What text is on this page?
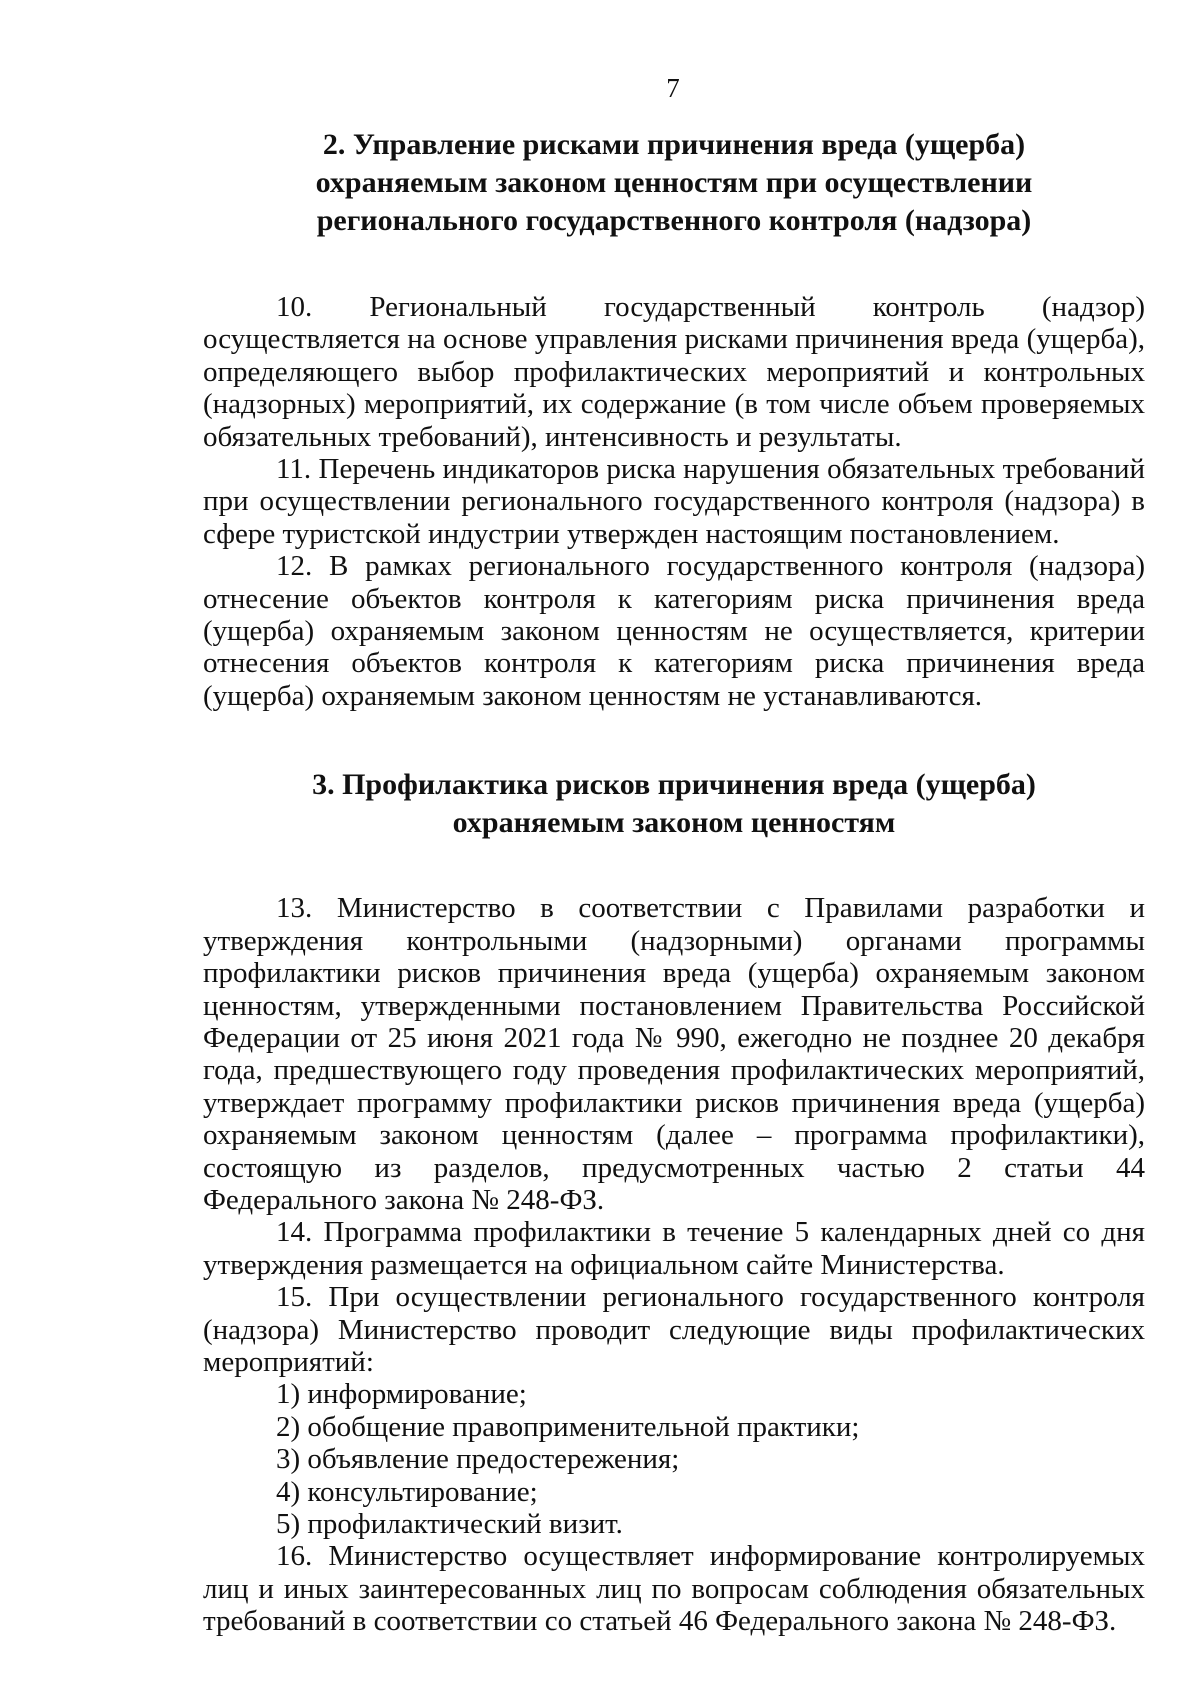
7
2. Управление рисками причинения вреда (ущерба) охраняемым законом ценностям при осуществлении регионального государственного контроля (надзора)

10. Региональный государственный контроль (надзор) осуществляется на основе управления рисками причинения вреда (ущерба), определяющего выбор профилактических мероприятий и контрольных (надзорных) мероприятий, их содержание (в том числе объем проверяемых обязательных требований), интенсивность и результаты.

11. Перечень индикаторов риска нарушения обязательных требований при осуществлении регионального государственного контроля (надзора) в сфере туристской индустрии утвержден настоящим постановлением.

12. В рамках регионального государственного контроля (надзора) отнесение объектов контроля к категориям риска причинения вреда (ущерба) охраняемым законом ценностям не осуществляется, критерии отнесения объектов контроля к категориям риска причинения вреда (ущерба) охраняемым законом ценностям не устанавливаются.

3. Профилактика рисков причинения вреда (ущерба) охраняемым законом ценностям

13. Министерство в соответствии с Правилами разработки и утверждения контрольными (надзорными) органами программы профилактики рисков причинения вреда (ущерба) охраняемым законом ценностям, утвержденными постановлением Правительства Российской Федерации от 25 июня 2021 года № 990, ежегодно не позднее 20 декабря года, предшествующего году проведения профилактических мероприятий, утверждает программу профилактики рисков причинения вреда (ущерба) охраняемым законом ценностям (далее – программа профилактики), состоящую из разделов, предусмотренных частью 2 статьи 44 Федерального закона № 248-ФЗ.

14. Программа профилактики в течение 5 календарных дней со дня утверждения размещается на официальном сайте Министерства.

15. При осуществлении регионального государственного контроля (надзора) Министерство проводит следующие виды профилактических мероприятий:

1) информирование;

2) обобщение правоприменительной практики;

3) объявление предостережения;

4) консультирование;

5) профилактический визит.

16. Министерство осуществляет информирование контролируемых лиц и иных заинтересованных лиц по вопросам соблюдения обязательных требований в соответствии со статьей 46 Федерального закона № 248-ФЗ.
